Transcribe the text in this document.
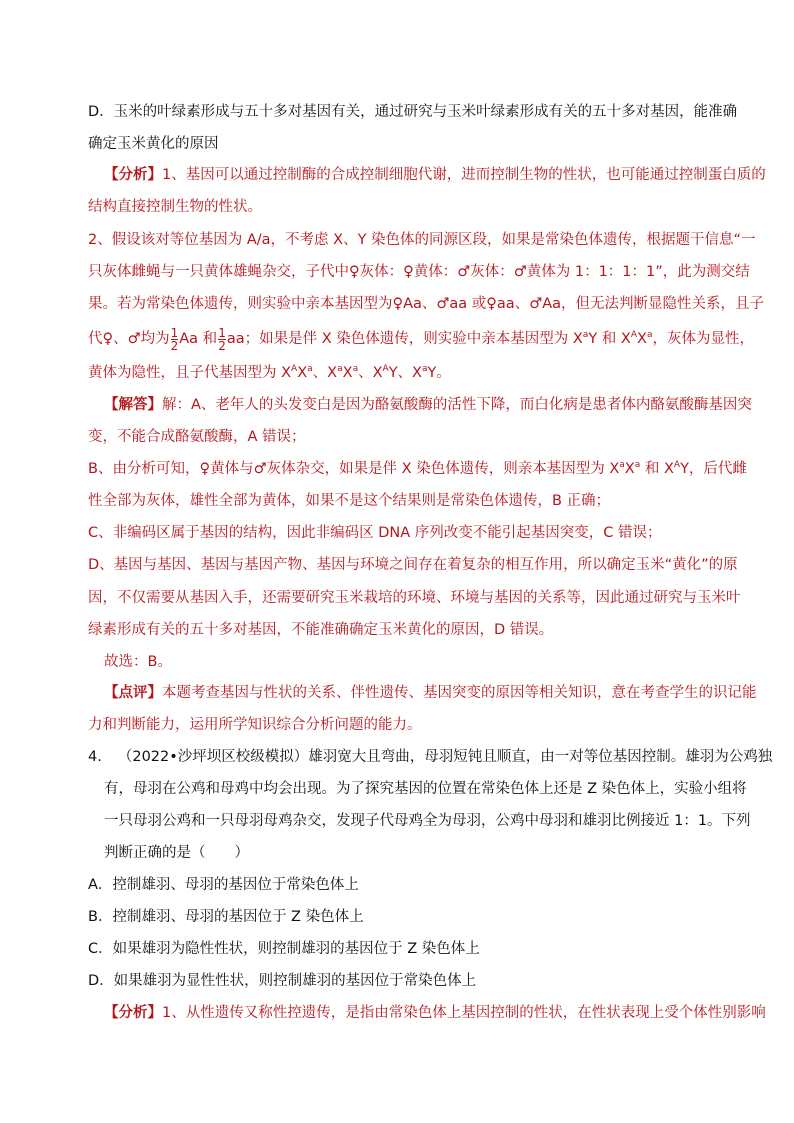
D．玉米的叶绿素形成与五十多对基因有关，通过研究与玉米叶绿素形成有关的五十多对基因，能准确
确定玉米黄化的原因
【分析】1、基因可以通过控制酶的合成控制细胞代谢，进而控制生物的性状，也可能通过控制蛋白质的
结构直接控制生物的性状。
2、假设该对等位基因为 A/a，不考虑 X、Y 染色体的同源区段，如果是常染色体遗传，根据题干信息“一
只灰体雌蝇与一只黄体雄蝇杂交，子代中♀灰体：♀黄体：♂灰体：♂黄体为 1：1：1：1”，此为测交结
果。若为常染色体遗传，则实验中亲本基因型为♀Aa、♂aa 或♀aa、♂Aa，但无法判断显隐性关系，且子
代♀、♂均为 $\frac{1}{2}$ Aa 和 $\frac{1}{2}$ aa；如果是伴 X 染色体遗传，则实验中亲本基因型为 $X^aY$ 和 $X^AX^a$，灰体为显性，
黄体为隐性，且子代基因型为 $X^AX^a$、$X^aX^a$、$X^AY$、$X^aY$。
【解答】解：A、老年人的头发变白是因为酪氨酸酶的活性下降，而白化病是患者体内酪氨酸酶基因突
变，不能合成酪氨酸酶，A 错误；
B、由分析可知，♀黄体与♂灰体杂交，如果是伴 X 染色体遗传，则亲本基因型为 $X^aX^a$ 和 $X^AY$，后代雌
性全部为灰体，雄性全部为黄体，如果不是这个结果则是常染色体遗传，B 正确；
C、非编码区属于基因的结构，因此非编码区 DNA 序列改变不能引起基因突变，C 错误；
D、基因与基因、基因与基因产物、基因与环境之间存在着复杂的相互作用，所以确定玉米“黄化”的原
因，不仅需要从基因入手，还需要研究玉米栽培的环境、环境与基因的关系等，因此通过研究与玉米叶
绿素形成有关的五十多对基因，不能准确确定玉米黄化的原因，D 错误。
故选：B。
【点评】本题考查基因与性状的关系、伴性遗传、基因突变的原因等相关知识，意在考查学生的识记能
力和判断能力，运用所学知识综合分析问题的能力。
4. （2022•沙坪坝区校级模拟）雄羽宽大且弯曲，母羽短钝且顺直，由一对等位基因控制。雄羽为公鸡独
有，母羽在公鸡和母鸡中均会出现。为了探究基因的位置在常染色体上还是 Z 染色体上，实验小组将
一只母羽公鸡和一只母羽母鸡杂交，发现子代母鸡全为母羽，公鸡中母羽和雄羽比例接近 1：1。下列
判断正确的是（　　）
A．控制雄羽、母羽的基因位于常染色体上
B．控制雄羽、母羽的基因位于 Z 染色体上
C．如果雄羽为隐性性状，则控制雄羽的基因位于 Z 染色体上
D．如果雄羽为显性性状，则控制雄羽的基因位于常染色体上
【分析】1、从性遗传又称性控遗传，是指由常染色体上基因控制的性状，在性状表现上受个体性别影响
